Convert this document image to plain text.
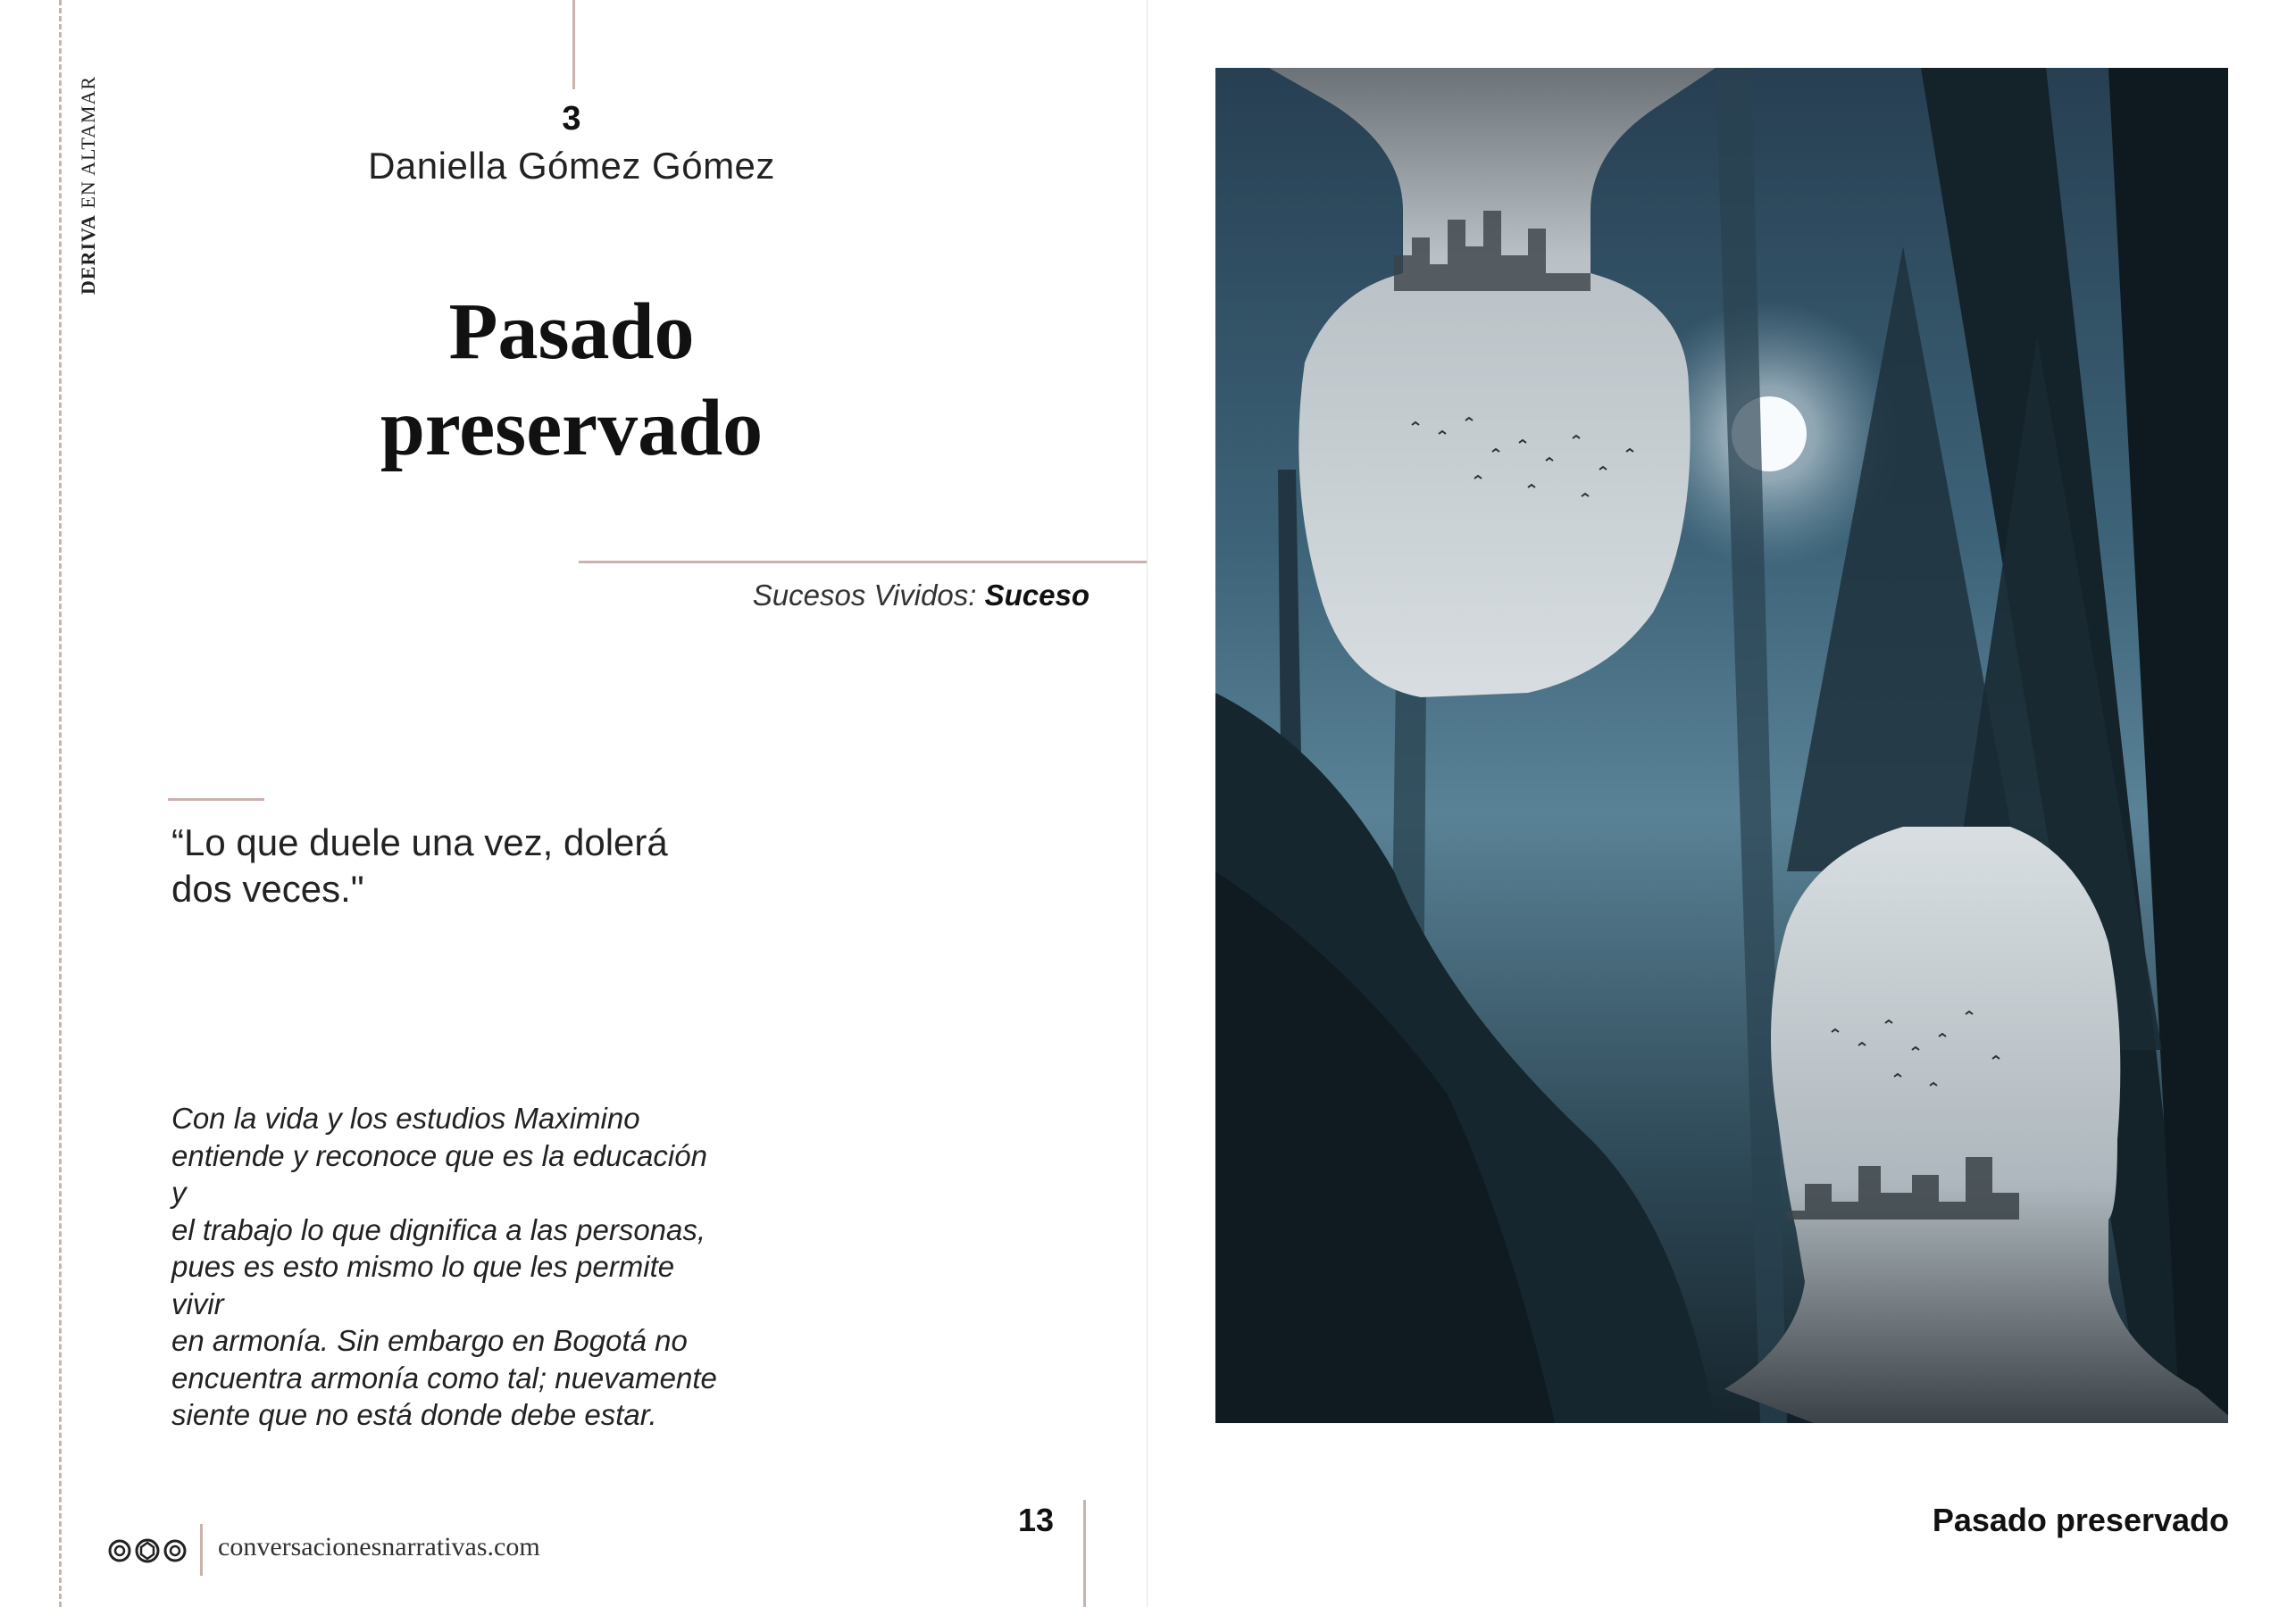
DERIVA EN ALTAMAR	3
Daniella Gómez Gómez
Pasado
preservado
Sucesos Vividos: Suceso

“Lo que duele una vez, dolerá
dos veces."

Con la vida y los estudios Maximino
entiende y reconoce que es la educación y
el trabajo lo que dignifica a las personas,
pues es esto mismo lo que les permite vivir
en armonía. Sin embargo en Bogotá no
encuentra armonía como tal; nuevamente
siente que no está donde debe estar.

13
conversacionesnarrativas.com
Pasado preservado
